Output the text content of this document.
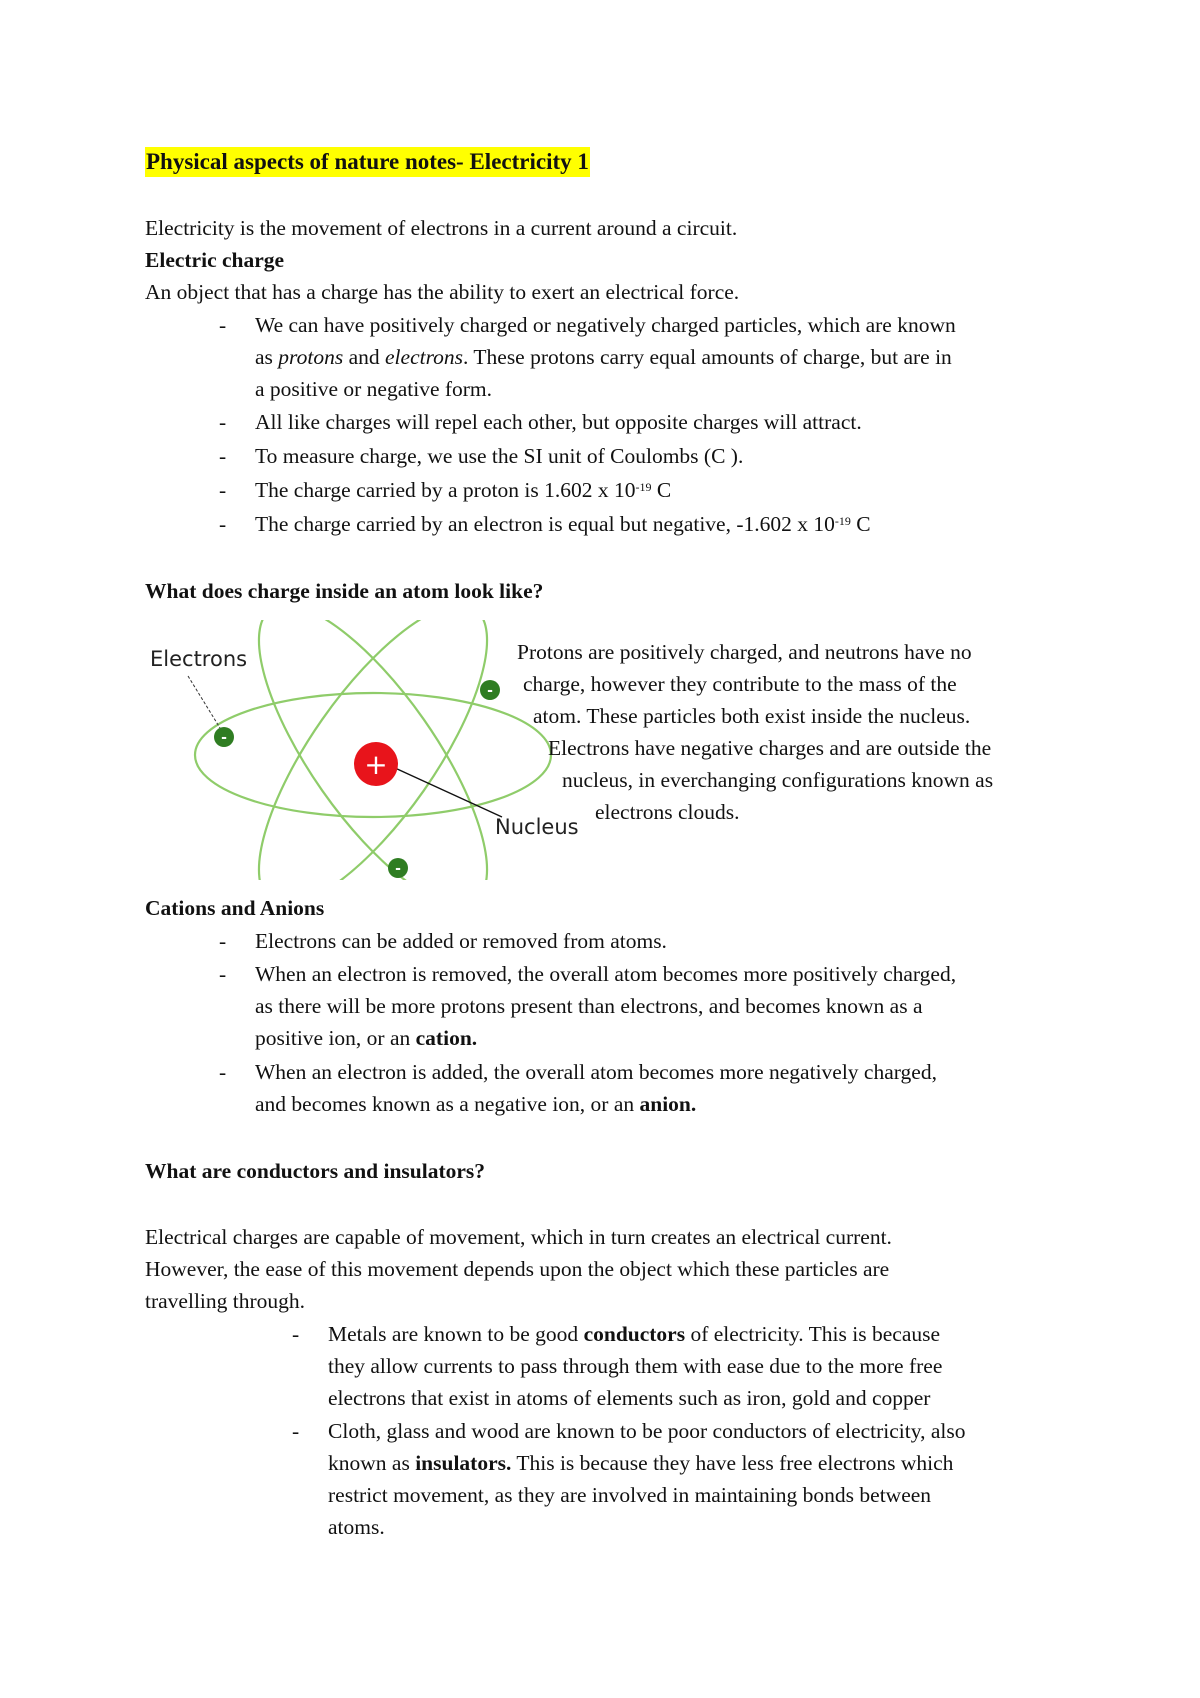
Physical aspects of nature notes- Electricity 1
Electricity is the movement of electrons in a current around a circuit.
Electric charge
An object that has a charge has the ability to exert an electrical force.
- We can have positively charged or negatively charged particles, which are known
as protons and electrons. These protons carry equal amounts of charge, but are in
a positive or negative form.
- All like charges will repel each other, but opposite charges will attract.
- To measure charge, we use the SI unit of Coulombs (C ).
- The charge carried by a proton is 1.602 x $10^{-19}$ C
- The charge carried by an electron is equal but negative, -1.602 x $10^{-19}$ C
What does charge inside an atom look like?
-
-
-
+
Electrons
Nucleus
Protons are positively charged, and neutrons have no
charge, however they contribute to the mass of the
atom. These particles both exist inside the nucleus.
Electrons have negative charges and are outside the
nucleus, in everchanging configurations known as
electrons clouds.
Cations and Anions
- Electrons can be added or removed from atoms.
- When an electron is removed, the overall atom becomes more positively charged,
as there will be more protons present than electrons, and becomes known as a
positive ion, or an cation.
- When an electron is added, the overall atom becomes more negatively charged,
and becomes known as a negative ion, or an anion.
What are conductors and insulators?
Electrical charges are capable of movement, which in turn creates an electrical current.
However, the ease of this movement depends upon the object which these particles are
travelling through.
- Metals are known to be good conductors of electricity. This is because
they allow currents to pass through them with ease due to the more free
electrons that exist in atoms of elements such as iron, gold and copper
- Cloth, glass and wood are known to be poor conductors of electricity, also
known as insulators. This is because they have less free electrons which
restrict movement, as they are involved in maintaining bonds between
atoms.
